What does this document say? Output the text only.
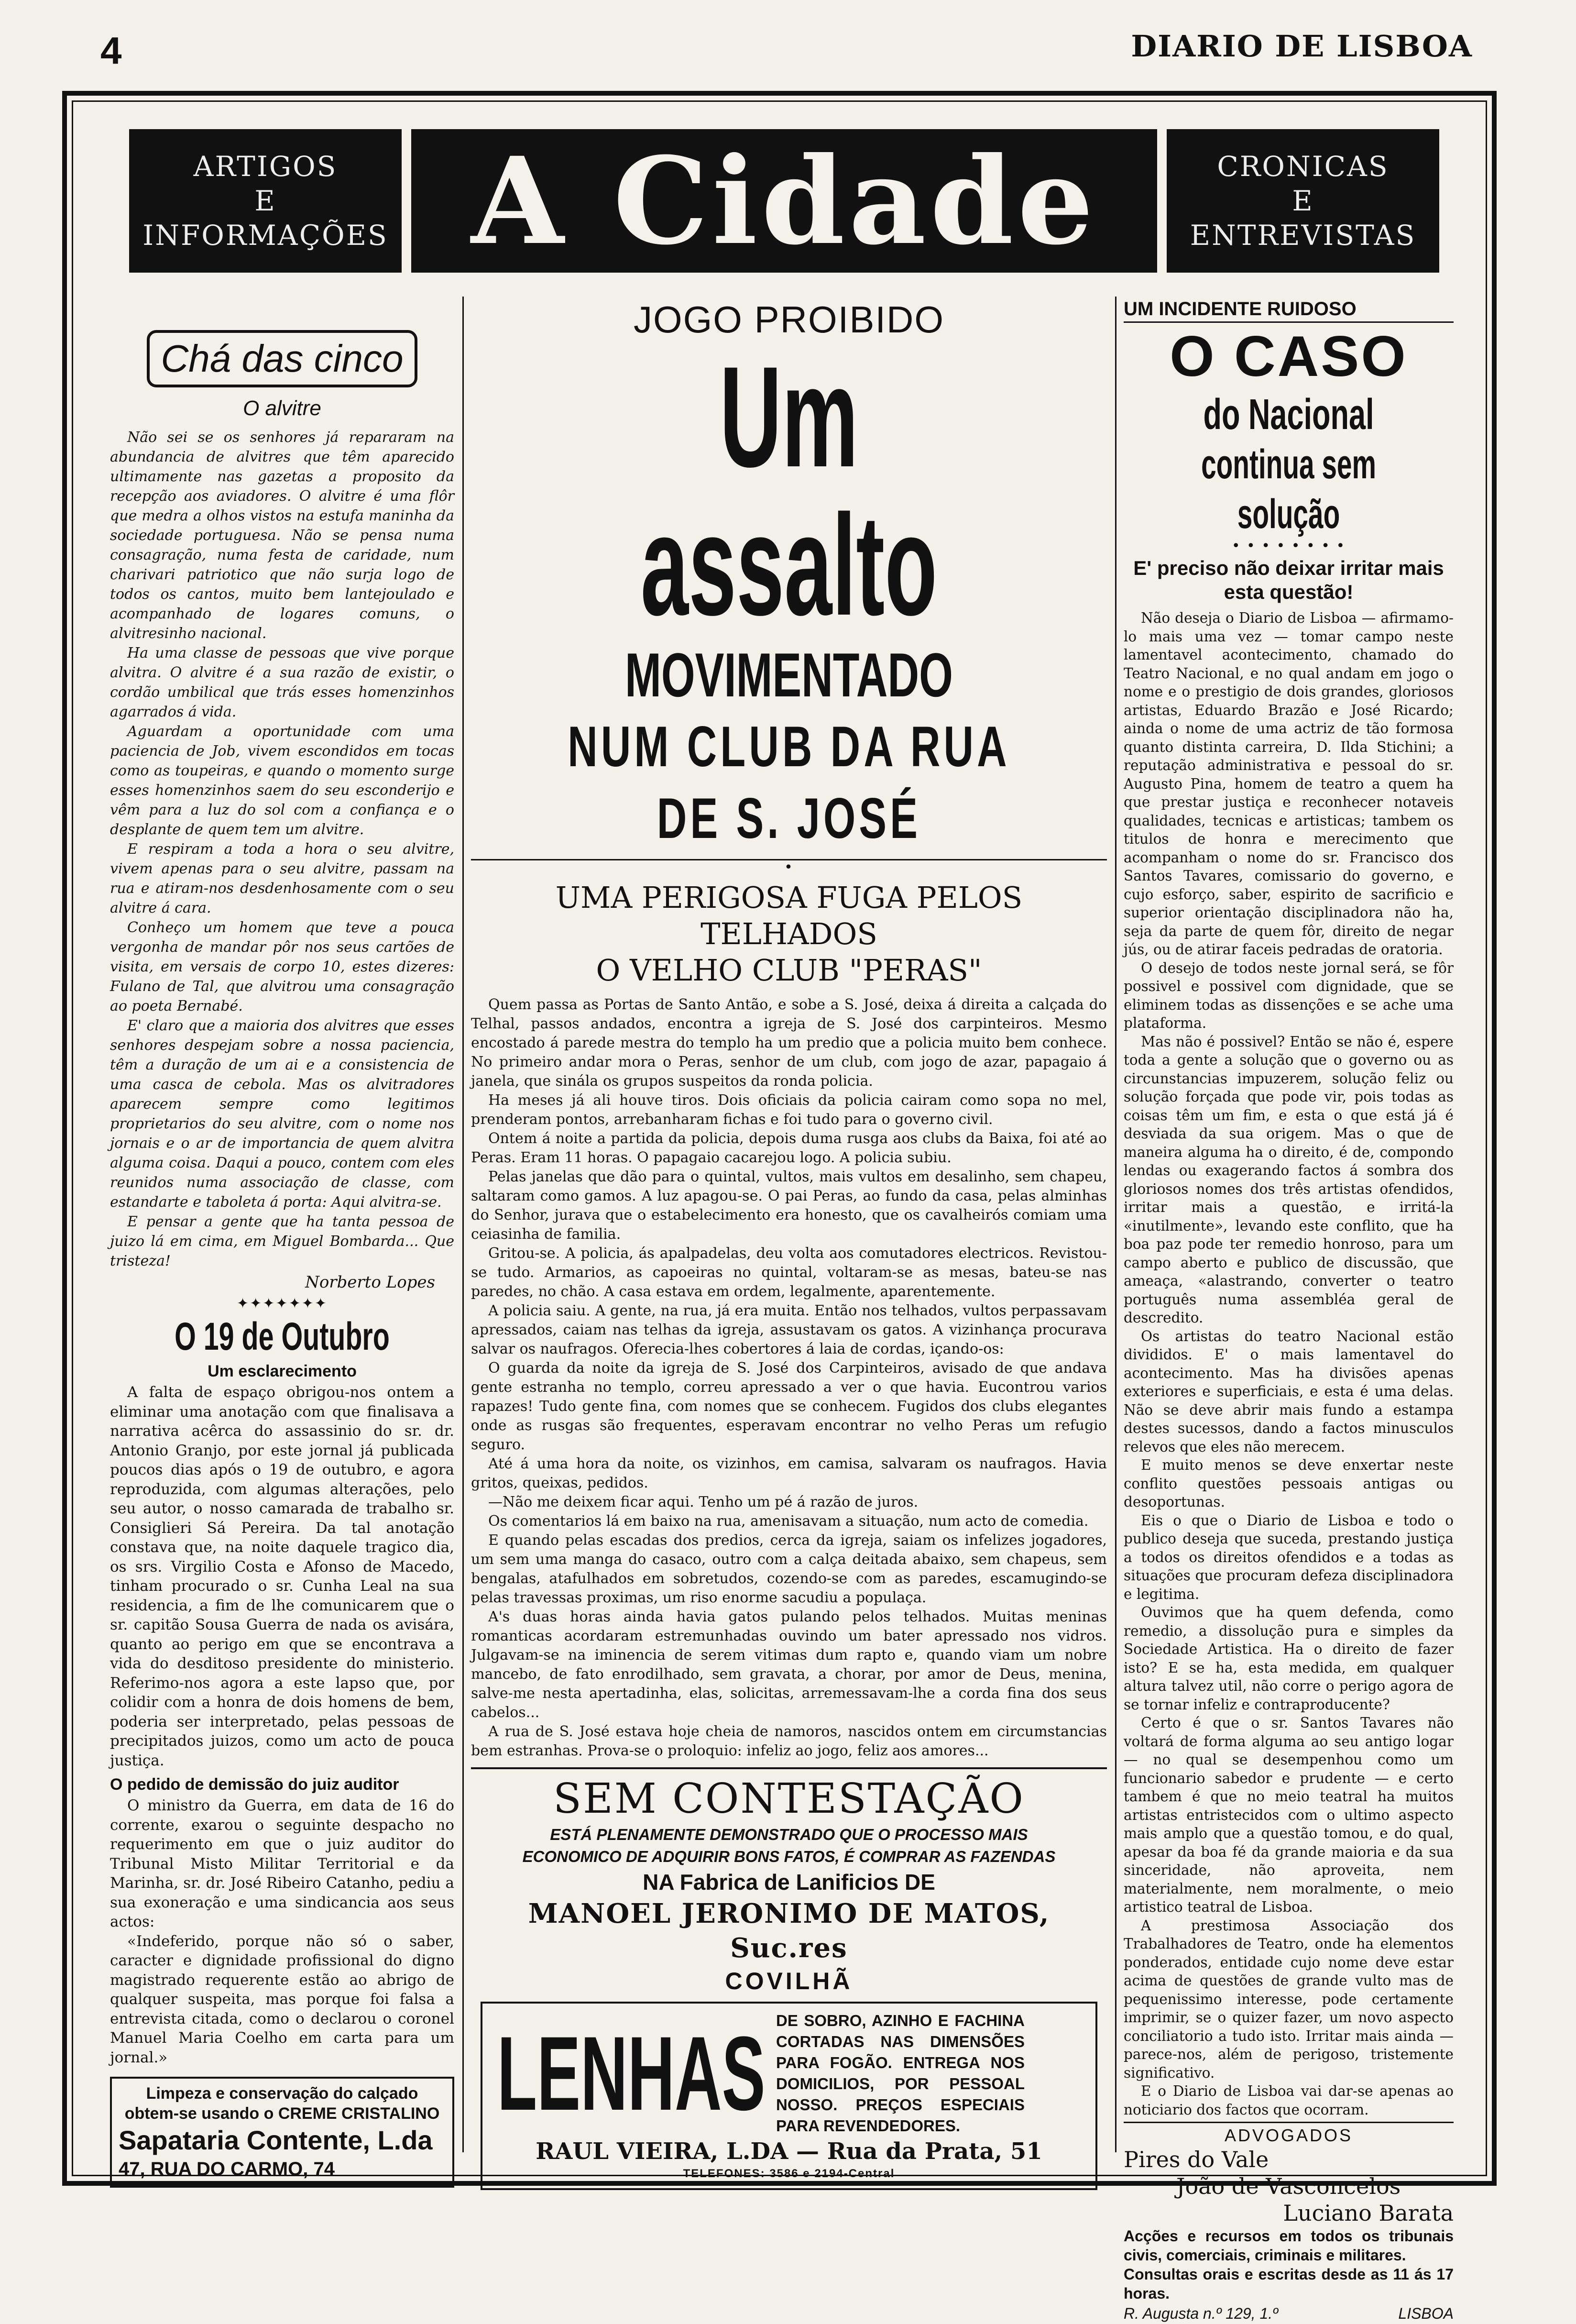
4	DIARIO DE LISBOA
ARTIGOS
E
INFORMAÇÕES A Cidade	CRONICAS
E
ENTREVISTAS
Chá das cinco
O alvitre

Não sei se os senhores já repararam na abundancia de alvitres que têm aparecido ultimamente nas gazetas a proposito da recepção aos aviadores. O alvitre é uma flôr que medra a olhos vistos na estufa maninha da sociedade portuguesa. Não se pensa numa consagração, numa festa de caridade, num charivari patriotico que não surja logo de todos os cantos, muito bem lantejoulado e acompanhado de logares comuns, o alvitresinho nacional.

Ha uma classe de pessoas que vive porque alvitra. O alvitre é a sua razão de existir, o cordão umbilical que trás esses homenzinhos agarrados á vida.

Aguardam a oportunidade com uma paciencia de Job, vivem escondidos em tocas como as toupeiras, e quando o momento surge esses homenzinhos saem do seu esconderijo e vêm para a luz do sol com a confiança e o desplante de quem tem um alvitre.

E respiram a toda a hora o seu alvitre, vivem apenas para o seu alvitre, passam na rua e atiram-nos desdenhosamente com o seu alvitre á cara.

Conheço um homem que teve a pouca vergonha de mandar pôr nos seus cartões de visita, em versais de corpo 10, estes dizeres: Fulano de Tal, que alvitrou uma consagração ao poeta Bernabé.

E' claro que a maioria dos alvitres que esses senhores despejam sobre a nossa paciencia, têm a duração de um ai e a consistencia de uma casca de cebola. Mas os alvitradores aparecem sempre como legitimos proprietarios do seu alvitre, com o nome nos jornais e o ar de importancia de quem alvitra alguma coisa. Daqui a pouco, contem com eles reunidos numa associação de classe, com estandarte e taboleta á porta: Aqui alvitra-se.

E pensar a gente que ha tanta pessoa de juizo lá em cima, em Miguel Bombarda... Que tristeza!

Norberto Lopes
✦✦✦✦✦✦✦
O 19 de Outubro
Um esclarecimento

A falta de espaço obrigou-nos ontem a eliminar uma anotação com que finalisava a narrativa acêrca do assassinio do sr. dr. Antonio Granjo, por este jornal já publicada poucos dias após o 19 de outubro, e agora reproduzida, com algumas alterações, pelo seu autor, o nosso camarada de trabalho sr. Consiglieri Sá Pereira. Da tal anotação constava que, na noite daquele tragico dia, os srs. Virgilio Costa e Afonso de Macedo, tinham procurado o sr. Cunha Leal na sua residencia, a fim de lhe comunicarem que o sr. capitão Sousa Guerra de nada os avisára, quanto ao perigo em que se encontrava a vida do desditoso presidente do ministerio. Referimo-nos agora a este lapso que, por colidir com a honra de dois homens de bem, poderia ser interpretado, pelas pessoas de precipitados juizos, como um acto de pouca justiça.

O pedido de demissão do juiz auditor

O ministro da Guerra, em data de 16 do corrente, exarou o seguinte despacho no requerimento em que o juiz auditor do Tribunal Misto Militar Territorial e da Marinha, sr. dr. José Ribeiro Catanho, pediu a sua exoneração e uma sindicancia aos seus actos:

«Indeferido, porque não só o saber, caracter e dignidade profissional do digno magistrado requerente estão ao abrigo de qualquer suspeita, mas porque foi falsa a entrevista citada, como o declarou o coronel Manuel Maria Coelho em carta para um jornal.»

Limpeza e conservação do calçado
obtem-se usando o CREME CRISTALINO
Sapataria Contente, L.da
47, RUA DO CARMO, 74
JOGO PROIBIDO
Um assalto
MOVIMENTADO
NUM CLUB DA RUA DE S. JOSÉ
•
UMA PERIGOSA FUGA PELOS TELHADOS
O VELHO CLUB "PERAS"

Quem passa as Portas de Santo Antão, e sobe a S. José, deixa á direita a calçada do Telhal, passos andados, encontra a igreja de S. José dos carpinteiros. Mesmo encostado á parede mestra do templo ha um predio que a policia muito bem conhece. No primeiro andar mora o Peras, senhor de um club, com jogo de azar, papagaio á janela, que sinála os grupos suspeitos da ronda policia.

Ha meses já ali houve tiros. Dois oficiais da policia cairam como sopa no mel, prenderam pontos, arrebanharam fichas e foi tudo para o governo civil.

Ontem á noite a partida da policia, depois duma rusga aos clubs da Baixa, foi até ao Peras. Eram 11 horas. O papagaio cacarejou logo. A policia subiu.

Pelas janelas que dão para o quintal, vultos, mais vultos em desalinho, sem chapeu, saltaram como gamos. A luz apagou-se. O pai Peras, ao fundo da casa, pelas alminhas do Senhor, jurava que o estabelecimento era honesto, que os cavalheirós comiam uma ceiasinha de familia.

Gritou-se. A policia, ás apalpadelas, deu volta aos comutadores electricos. Revistou-se tudo. Armarios, as capoeiras no quintal, voltaram-se as mesas, bateu-se nas paredes, no chão. A casa estava em ordem, legalmente, aparentemente.

A policia saiu. A gente, na rua, já era muita. Então nos telhados, vultos perpassavam apressados, caiam nas telhas da igreja, assustavam os gatos. A vizinhança procurava salvar os naufragos. Oferecia-lhes cobertores á laia de cordas, içando-os:

O guarda da noite da igreja de S. José dos Carpinteiros, avisado de que andava gente estranha no templo, correu apressado a ver o que havia. Eucontrou varios rapazes! Tudo gente fina, com nomes que se conhecem. Fugidos dos clubs elegantes onde as rusgas são frequentes, esperavam encontrar no velho Peras um refugio seguro.

Até á uma hora da noite, os vizinhos, em camisa, salvaram os naufragos. Havia gritos, queixas, pedidos.

—Não me deixem ficar aqui. Tenho um pé á razão de juros.

Os comentarios lá em baixo na rua, amenisavam a situação, num acto de comedia.

E quando pelas escadas dos predios, cerca da igreja, saiam os infelizes jogadores, um sem uma manga do casaco, outro com a calça deitada abaixo, sem chapeus, sem bengalas, atafulhados em sobretudos, cozendo-se com as paredes, escamugindo-se pelas travessas proximas, um riso enorme sacudiu a populaça.

A's duas horas ainda havia gatos pulando pelos telhados. Muitas meninas romanticas acordaram estremunhadas ouvindo um bater apressado nos vidros. Julgavam-se na iminencia de serem vitimas dum rapto e, quando viam um nobre mancebo, de fato enrodilhado, sem gravata, a chorar, por amor de Deus, menina, salve-me nesta apertadinha, elas, solicitas, arremessavam-lhe a corda fina dos seus cabelos...

A rua de S. José estava hoje cheia de namoros, nascidos ontem em circumstancias bem estranhas. Prova-se o proloquio: infeliz ao jogo, feliz aos amores...

SEM CONTESTAÇÃO
ESTÁ PLENAMENTE DEMONSTRADO QUE O PROCESSO MAIS
ECONOMICO DE ADQUIRIR BONS FATOS, É COMPRAR AS FAZENDAS
NA Fabrica de Lanificios DE
MANOEL JERONIMO DE MATOS, Suc.res
COVILHÃ
LENHAS DE SOBRO, AZINHO E FACHINA CORTADAS NAS DIMENSÕES PARA FOGÃO. ENTREGA NOS DOMICILIOS, POR PESSOAL NOSSO. PREÇOS ESPECIAIS PARA REVENDEDORES.
RAUL VIEIRA, L.DA — Rua da Prata, 51
TELEFONES: 3586 e 2194-Central
UM INCIDENTE RUIDOSO
O CASO
do Nacional
continua sem solução
• • • • • • • •
E' preciso não deixar irritar mais esta questão!

Não deseja o Diario de Lisboa — afirmamo-lo mais uma vez — tomar campo neste lamentavel acontecimento, chamado do Teatro Nacional, e no qual andam em jogo o nome e o prestigio de dois grandes, gloriosos artistas, Eduardo Brazão e José Ricardo; ainda o nome de uma actriz de tão formosa quanto distinta carreira, D. Ilda Stichini; a reputação administrativa e pessoal do sr. Augusto Pina, homem de teatro a quem ha que prestar justiça e reconhecer notaveis qualidades, tecnicas e artisticas; tambem os titulos de honra e merecimento que acompanham o nome do sr. Francisco dos Santos Tavares, comissario do governo, e cujo esforço, saber, espirito de sacrificio e superior orientação disciplinadora não ha, seja da parte de quem fôr, direito de negar jús, ou de atirar faceis pedradas de oratoria.

O desejo de todos neste jornal será, se fôr possivel e possivel com dignidade, que se eliminem todas as dissenções e se ache uma plataforma.

Mas não é possivel? Então se não é, espere toda a gente a solução que o governo ou as circunstancias impuzerem, solução feliz ou solução forçada que pode vir, pois todas as coisas têm um fim, e esta o que está já é desviada da sua origem. Mas o que de maneira alguma ha o direito, é de, compondo lendas ou exagerando factos á sombra dos gloriosos nomes dos três artistas ofendidos, irritar mais a questão, e irritá-la «inutilmente», levando este conflito, que ha boa paz pode ter remedio honroso, para um campo aberto e publico de discussão, que ameaça, «alastrando, converter o teatro português numa assembléa geral de descredito.

Os artistas do teatro Nacional estão divididos. E' o mais lamentavel do acontecimento. Mas ha divisões apenas exteriores e superficiais, e esta é uma delas. Não se deve abrir mais fundo a estampa destes sucessos, dando a factos minusculos relevos que eles não merecem.

E muito menos se deve enxertar neste conflito questões pessoais antigas ou desoportunas.

Eis o que o Diario de Lisboa e todo o publico deseja que suceda, prestando justiça a todos os direitos ofendidos e a todas as situações que procuram defeza disciplinadora e legitima.

Ouvimos que ha quem defenda, como remedio, a dissolução pura e simples da Sociedade Artistica. Ha o direito de fazer isto? E se ha, esta medida, em qualquer altura talvez util, não corre o perigo agora de se tornar infeliz e contraproducente?

Certo é que o sr. Santos Tavares não voltará de forma alguma ao seu antigo logar — no qual se desempenhou como um funcionario sabedor e prudente — e certo tambem é que no meio teatral ha muitos artistas entristecidos com o ultimo aspecto mais amplo que a questão tomou, e do qual, apesar da boa fé da grande maioria e da sua sinceridade, não aproveita, nem materialmente, nem moralmente, o meio artistico teatral de Lisboa.

A prestimosa Associação dos Trabalhadores de Teatro, onde ha elementos ponderados, entidade cujo nome deve estar acima de questões de grande vulto mas de pequenissimo interesse, pode certamente imprimir, se o quizer fazer, um novo aspecto conciliatorio a tudo isto. Irritar mais ainda — parece-nos, além de perigoso, tristemente significativo.

E o Diario de Lisboa vai dar-se apenas ao noticiario dos factos que ocorram.

ADVOGADOS
Pires do Vale
João de Vasconcelos
Luciano Barata
Acções e recursos em todos os tribunais civis, comerciais, criminais e militares.
Consultas orais e escritas desde as 11 ás 17 horas.
R. Augusta n.º 129, 1.º	LISBOA
